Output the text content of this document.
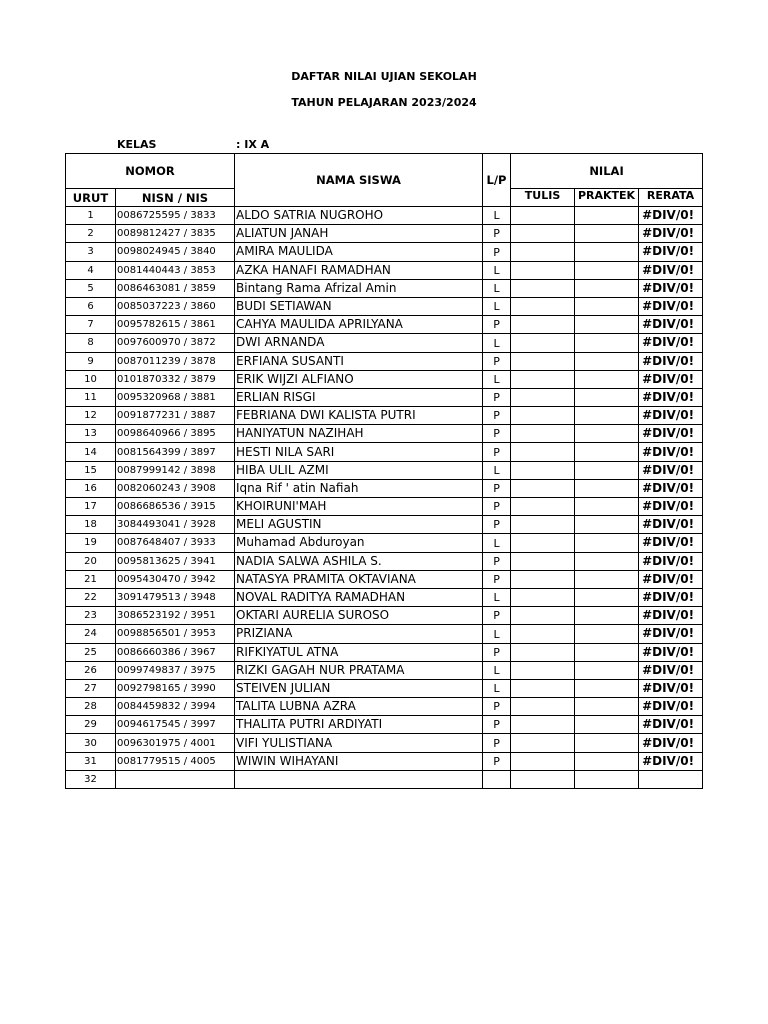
DAFTAR NILAI UJIAN SEKOLAH
TAHUN PELAJARAN 2023/2024
KELAS	: IX A
NOMOR		NAMA SISWA	L/P	NILAI		
URUT	NISN / NIS			TULIS	PRAKTEK	RERATA
1	0086725595 / 3833	ALDO SATRIA NUGROHO	L			#DIV/0!
2	0089812427 / 3835	ALIATUN JANAH	P			#DIV/0!
3	0098024945 / 3840	AMIRA MAULIDA	P			#DIV/0!
4	0081440443 / 3853	AZKA HANAFI RAMADHAN	L			#DIV/0!
5	0086463081 / 3859	Bintang Rama Afrizal Amin	L			#DIV/0!
6	0085037223 / 3860	BUDI SETIAWAN	L			#DIV/0!
7	0095782615 / 3861	CAHYA MAULIDA APRILYANA	P			#DIV/0!
8	0097600970 / 3872	DWI ARNANDA	L			#DIV/0!
9	0087011239 / 3878	ERFIANA SUSANTI	P			#DIV/0!
10	0101870332 / 3879	ERIK WIJZI ALFIANO	L			#DIV/0!
11	0095320968 / 3881	ERLIAN RISGI	P			#DIV/0!
12	0091877231 / 3887	FEBRIANA DWI KALISTA PUTRI	P			#DIV/0!
13	0098640966 / 3895	HANIYATUN NAZIHAH	P			#DIV/0!
14	0081564399 / 3897	HESTI NILA SARI	P			#DIV/0!
15	0087999142 / 3898	HIBA ULIL AZMI	L			#DIV/0!
16	0082060243 / 3908	Iqna Rif ' atin Nafiah	P			#DIV/0!
17	0086686536 / 3915	KHOIRUNI'MAH	P			#DIV/0!
18	3084493041 / 3928	MELI AGUSTIN	P			#DIV/0!
19	0087648407 / 3933	Muhamad Abduroyan	L			#DIV/0!
20	0095813625 / 3941	NADIA SALWA ASHILA S.	P			#DIV/0!
21	0095430470 / 3942	NATASYA PRAMITA OKTAVIANA	P			#DIV/0!
22	3091479513 / 3948	NOVAL RADITYA RAMADHAN	L			#DIV/0!
23	3086523192 / 3951	OKTARI AURELIA SUROSO	P			#DIV/0!
24	0098856501 / 3953	PRIZIANA	L			#DIV/0!
25	0086660386 / 3967	RIFKIYATUL ATNA	P			#DIV/0!
26	0099749837 / 3975	RIZKI GAGAH NUR PRATAMA	L			#DIV/0!
27	0092798165 / 3990	STEIVEN JULIAN	L			#DIV/0!
28	0084459832 / 3994	TALITA LUBNA AZRA	P			#DIV/0!
29	0094617545 / 3997	THALITA PUTRI ARDIYATI	P			#DIV/0!
30	0096301975 / 4001	VIFI YULISTIANA	P			#DIV/0!
31	0081779515 / 4005	WIWIN WIHAYANI	P			#DIV/0!
32						
